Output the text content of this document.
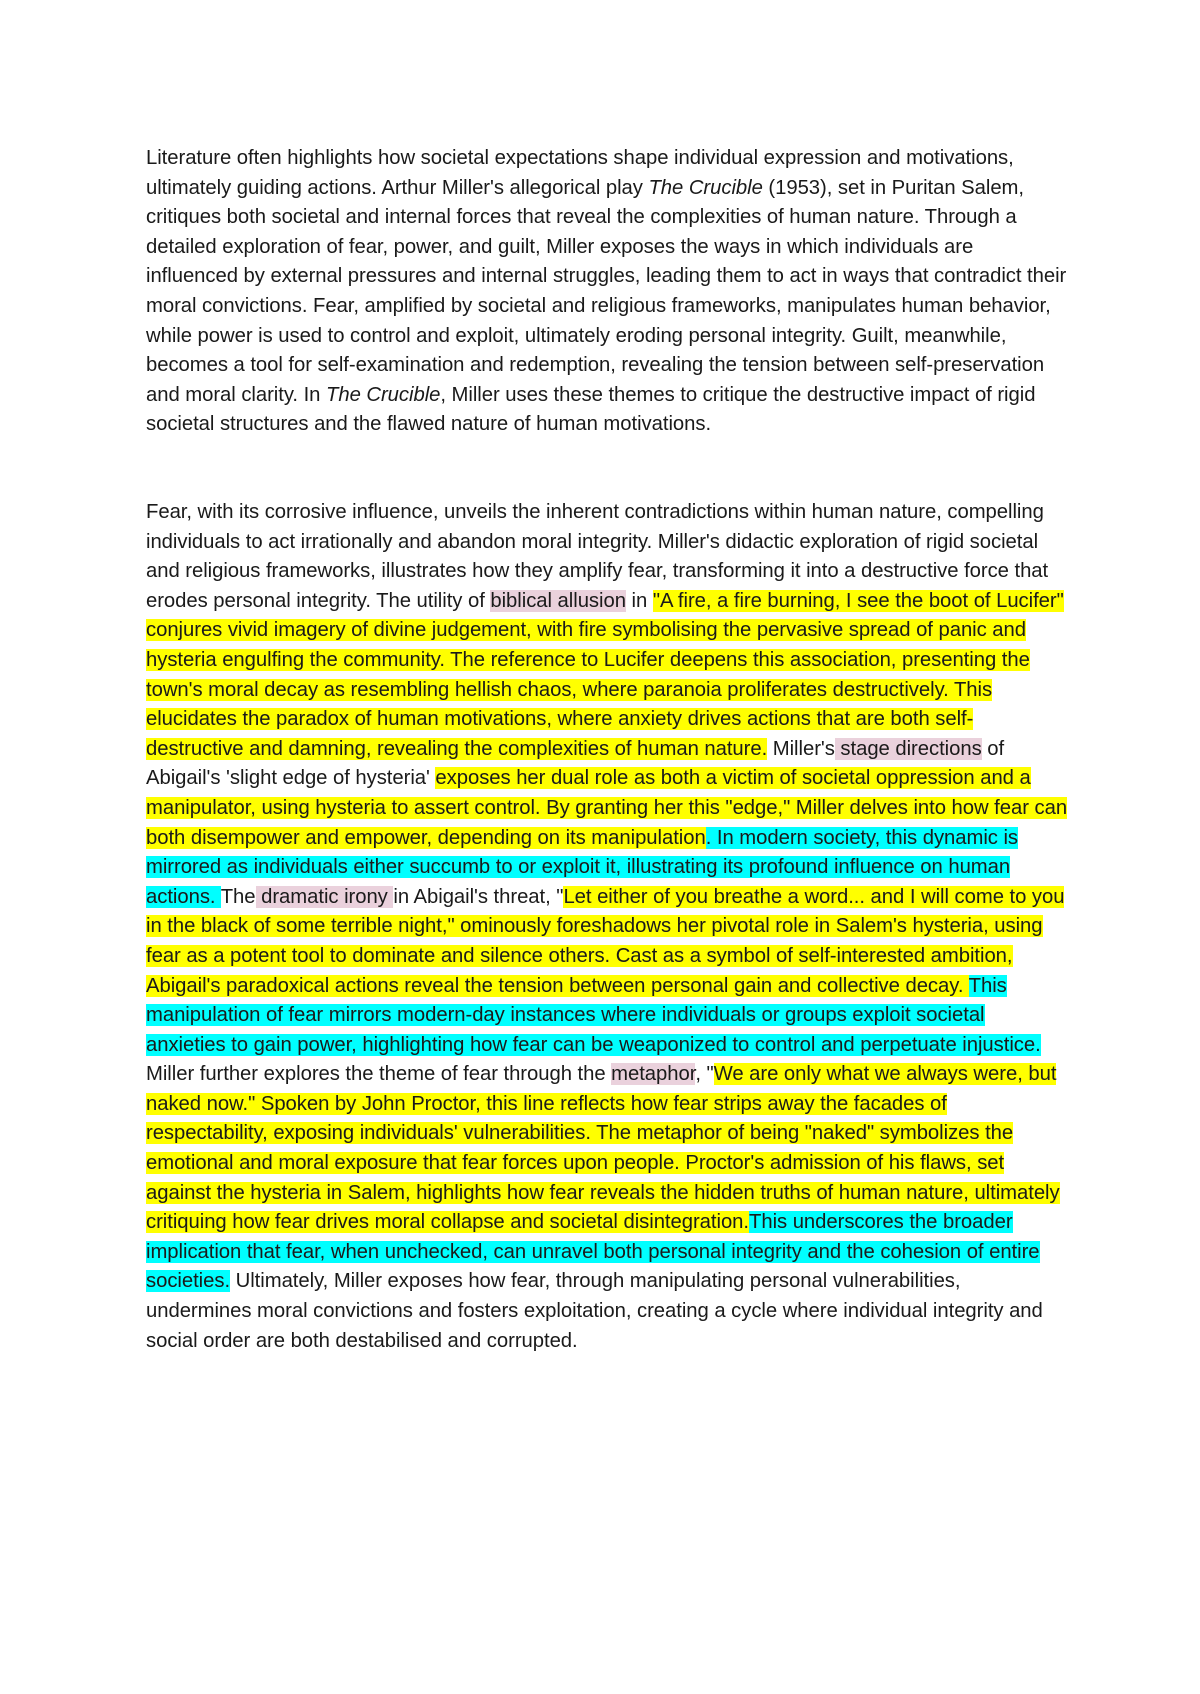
Literature often highlights how societal expectations shape individual expression and motivations, ultimately guiding actions. Arthur Miller's allegorical play The Crucible (1953), set in Puritan Salem, critiques both societal and internal forces that reveal the complexities of human nature. Through a detailed exploration of fear, power, and guilt, Miller exposes the ways in which individuals are influenced by external pressures and internal struggles, leading them to act in ways that contradict their moral convictions. Fear, amplified by societal and religious frameworks, manipulates human behavior, while power is used to control and exploit, ultimately eroding personal integrity. Guilt, meanwhile, becomes a tool for self-examination and redemption, revealing the tension between self-preservation and moral clarity. In The Crucible, Miller uses these themes to critique the destructive impact of rigid societal structures and the flawed nature of human motivations.

Fear, with its corrosive influence, unveils the inherent contradictions within human nature, compelling individuals to act irrationally and abandon moral integrity. Miller's didactic exploration of rigid societal and religious frameworks, illustrates how they amplify fear, transforming it into a destructive force that erodes personal integrity. The utility of biblical allusion in "A fire, a fire burning, I see the boot of Lucifer" conjures vivid imagery of divine judgement, with fire symbolising the pervasive spread of panic and hysteria engulfing the community. The reference to Lucifer deepens this association, presenting the town's moral decay as resembling hellish chaos, where paranoia proliferates destructively. This elucidates the paradox of human motivations, where anxiety drives actions that are both self-destructive and damning, revealing the complexities of human nature. Miller's stage directions of Abigail's 'slight edge of hysteria' exposes her dual role as both a victim of societal oppression and a manipulator, using hysteria to assert control. By granting her this "edge," Miller delves into how fear can both disempower and empower, depending on its manipulation. In modern society, this dynamic is mirrored as individuals either succumb to or exploit it, illustrating its profound influence on human actions. The dramatic irony in Abigail's threat, "Let either of you breathe a word... and I will come to you in the black of some terrible night," ominously foreshadows her pivotal role in Salem's hysteria, using fear as a potent tool to dominate and silence others. Cast as a symbol of self-interested ambition, Abigail's paradoxical actions reveal the tension between personal gain and collective decay. This manipulation of fear mirrors modern-day instances where individuals or groups exploit societal anxieties to gain power, highlighting how fear can be weaponized to control and perpetuate injustice. Miller further explores the theme of fear through the metaphor, "We are only what we always were, but naked now." Spoken by John Proctor, this line reflects how fear strips away the facades of respectability, exposing individuals' vulnerabilities. The metaphor of being "naked" symbolizes the emotional and moral exposure that fear forces upon people. Proctor's admission of his flaws, set against the hysteria in Salem, highlights how fear reveals the hidden truths of human nature, ultimately critiquing how fear drives moral collapse and societal disintegration.This underscores the broader implication that fear, when unchecked, can unravel both personal integrity and the cohesion of entire societies. Ultimately, Miller exposes how fear, through manipulating personal vulnerabilities, undermines moral convictions and fosters exploitation, creating a cycle where individual integrity and social order are both destabilised and corrupted.
